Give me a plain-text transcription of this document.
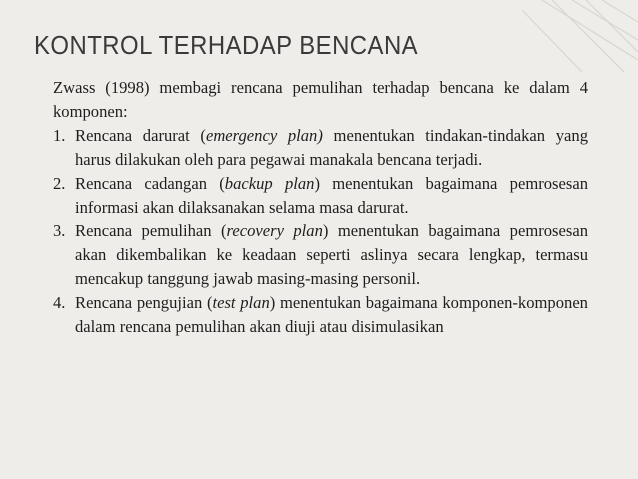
KONTROL TERHADAP BENCANA

Zwass (1998) membagi rencana pemulihan terhadap bencana ke dalam 4 komponen:

1. Rencana darurat (emergency plan) menentukan tindakan-tindakan yang harus dilakukan oleh para pegawai manakala bencana terjadi.
2. Rencana cadangan (backup plan) menentukan bagaimana pemrosesan informasi akan dilaksanakan selama masa darurat.
3. Rencana pemulihan (recovery plan) menentukan bagaimana pemrosesan akan dikembalikan ke keadaan seperti aslinya secara lengkap, termasu mencakup tanggung jawab masing-masing personil.
4. Rencana pengujian (test plan) menentukan bagaimana komponen-komponen dalam rencana pemulihan akan diuji atau disimulasikan
